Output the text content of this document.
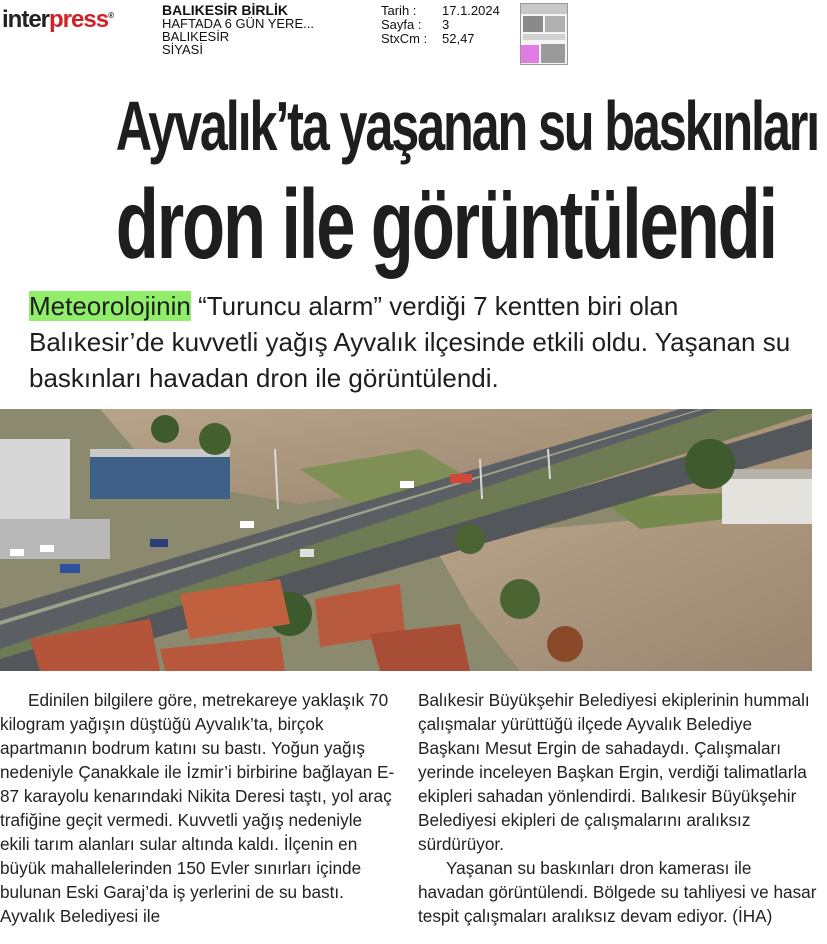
interpress®	BALIKESİR BİRLİK
HAFTADA 6 GÜN YERE...
BALIKESİR
SİYASİ
Tarih :	17.1.2024
Sayfa :	3
StxCm :	52,47
Ayvalık’ta yaşanan su baskınları
dron ile görüntülendi
Meteorolojinin “Turuncu alarm” verdiği 7 kentten biri olan Balıkesir’de kuvvetli yağış Ayvalık ilçesinde etkili oldu. Yaşanan su baskınları havadan dron ile görüntülendi.

Edinilen bilgilere göre, metrekareye yaklaşık 70 kilogram yağışın düştüğü Ayvalık’ta, birçok apartmanın bodrum katını su bastı. Yoğun yağış nedeniyle Çanakkale ile İzmir’i birbirine bağlayan E-87 karayolu kenarındaki Nikita Deresi taştı, yol araç trafiğine geçit vermedi. Kuvvetli yağış nedeniyle ekili tarım alanları sular altında kaldı. İlçenin en büyük mahallelerinden 150 Evler sınırları içinde bulunan Eski Garaj’da iş yerlerini de su bastı. Ayvalık Belediyesi ile

Balıkesir Büyükşehir Belediyesi ekiplerinin hummalı çalışmalar yürüttüğü ilçede Ayvalık Belediye Başkanı Mesut Ergin de sahadaydı. Çalışmaları yerinde inceleyen Başkan Ergin, verdiği talimatlarla ekipleri sahadan yönlendirdi. Balıkesir Büyükşehir Belediyesi ekipleri de çalışmalarını aralıksız sürdürüyor.

Yaşanan su baskınları dron kamerası ile havadan görüntülendi. Bölgede su tahliyesi ve hasar tespit çalışmaları aralıksız devam ediyor. (İHA)
